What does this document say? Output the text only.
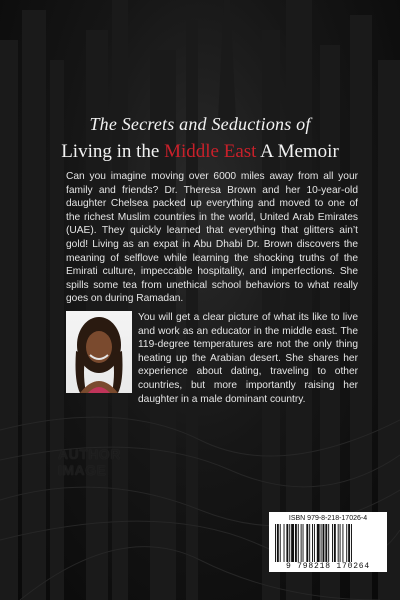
The Secrets and Seductions of
Living in the Middle East A Memoir
Can you imagine moving over 6000 miles away from all your family and friends? Dr. Theresa Brown and her 10-year-old daughter Chelsea packed up everything and moved to one of the richest Muslim countries in the world, United Arab Emirates (UAE). They quickly learned that everything that glitters ain’t gold! Living as an expat in Abu Dhabi Dr. Brown discovers the meaning of selflove while learning the shocking truths of the Emirati culture, impeccable hospitality, and imperfections. She spills some tea from unethical school behaviors to what really goes on during Ramadan.
You will get a clear picture of what its like to live and work as an educator in the middle east. The 119-degree temperatures are not the only thing heating up the Arabian desert. She shares her experience about dating, traveling to other countries, but more importantly raising her daughter in a male dominant country.
AUTHOR
IMAGE
ISBN 979-8-218-17026-4
9 798218 170264
